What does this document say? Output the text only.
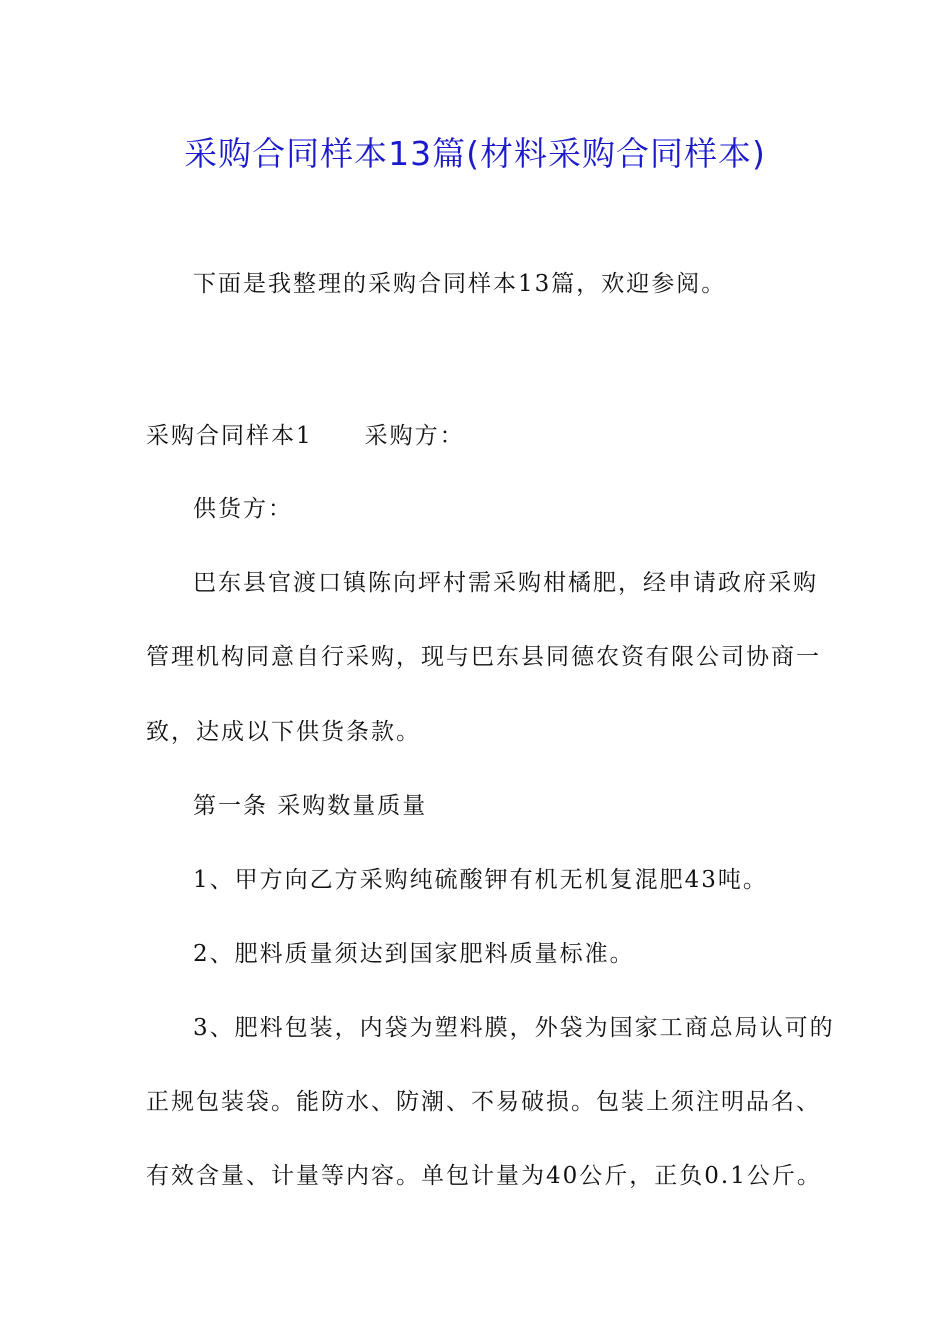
采购合同样本13篇(材料采购合同样本)
下面是我整理的采购合同样本13篇，欢迎参阅。
采购合同样本1 采购方：
供货方：
巴东县官渡口镇陈向坪村需采购柑橘肥，经申请政府采购
管理机构同意自行采购，现与巴东县同德农资有限公司协商一
致，达成以下供货条款。
第一条 采购数量质量
1、甲方向乙方采购纯硫酸钾有机无机复混肥43吨。
2、肥料质量须达到国家肥料质量标准。
3、肥料包装，内袋为塑料膜，外袋为国家工商总局认可的
正规包装袋。能防水、防潮、不易破损。包装上须注明品名、
有效含量、计量等内容。单包计量为40公斤，正负0.1公斤。
